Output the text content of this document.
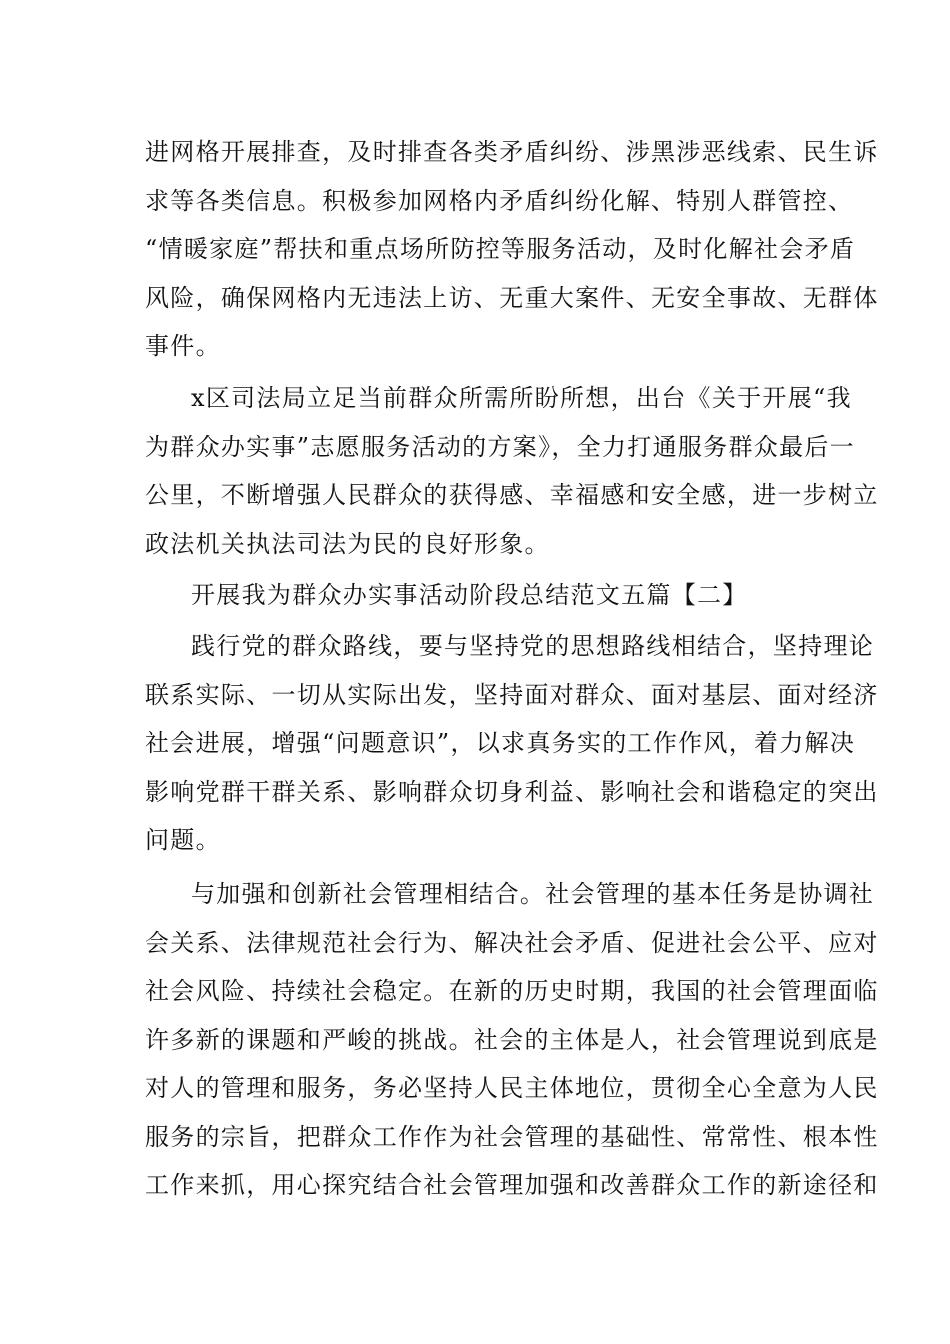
进网格开展排查，及时排查各类矛盾纠纷、涉黑涉恶线索、民生诉
求等各类信息。积极参加网格内矛盾纠纷化解、特别人群管控、
“情暖家庭”帮扶和重点场所防控等服务活动，及时化解社会矛盾
风险，确保网格内无违法上访、无重大案件、无安全事故、无群体
事件。
x区司法局立足当前群众所需所盼所想，出台《关于开展“我
为群众办实事”志愿服务活动的方案》，全力打通服务群众最后一
公里，不断增强人民群众的获得感、幸福感和安全感，进一步树立
政法机关执法司法为民的良好形象。
开展我为群众办实事活动阶段总结范文五篇【二】
践行党的群众路线，要与坚持党的思想路线相结合，坚持理论
联系实际、一切从实际出发，坚持面对群众、面对基层、面对经济
社会进展，增强“问题意识”，以求真务实的工作作风，着力解决
影响党群干群关系、影响群众切身利益、影响社会和谐稳定的突出
问题。
与加强和创新社会管理相结合。社会管理的基本任务是协调社
会关系、法律规范社会行为、解决社会矛盾、促进社会公平、应对
社会风险、持续社会稳定。在新的历史时期，我国的社会管理面临
许多新的课题和严峻的挑战。社会的主体是人，社会管理说到底是
对人的管理和服务，务必坚持人民主体地位，贯彻全心全意为人民
服务的宗旨，把群众工作作为社会管理的基础性、常常性、根本性
工作来抓，用心探究结合社会管理加强和改善群众工作的新途径和
